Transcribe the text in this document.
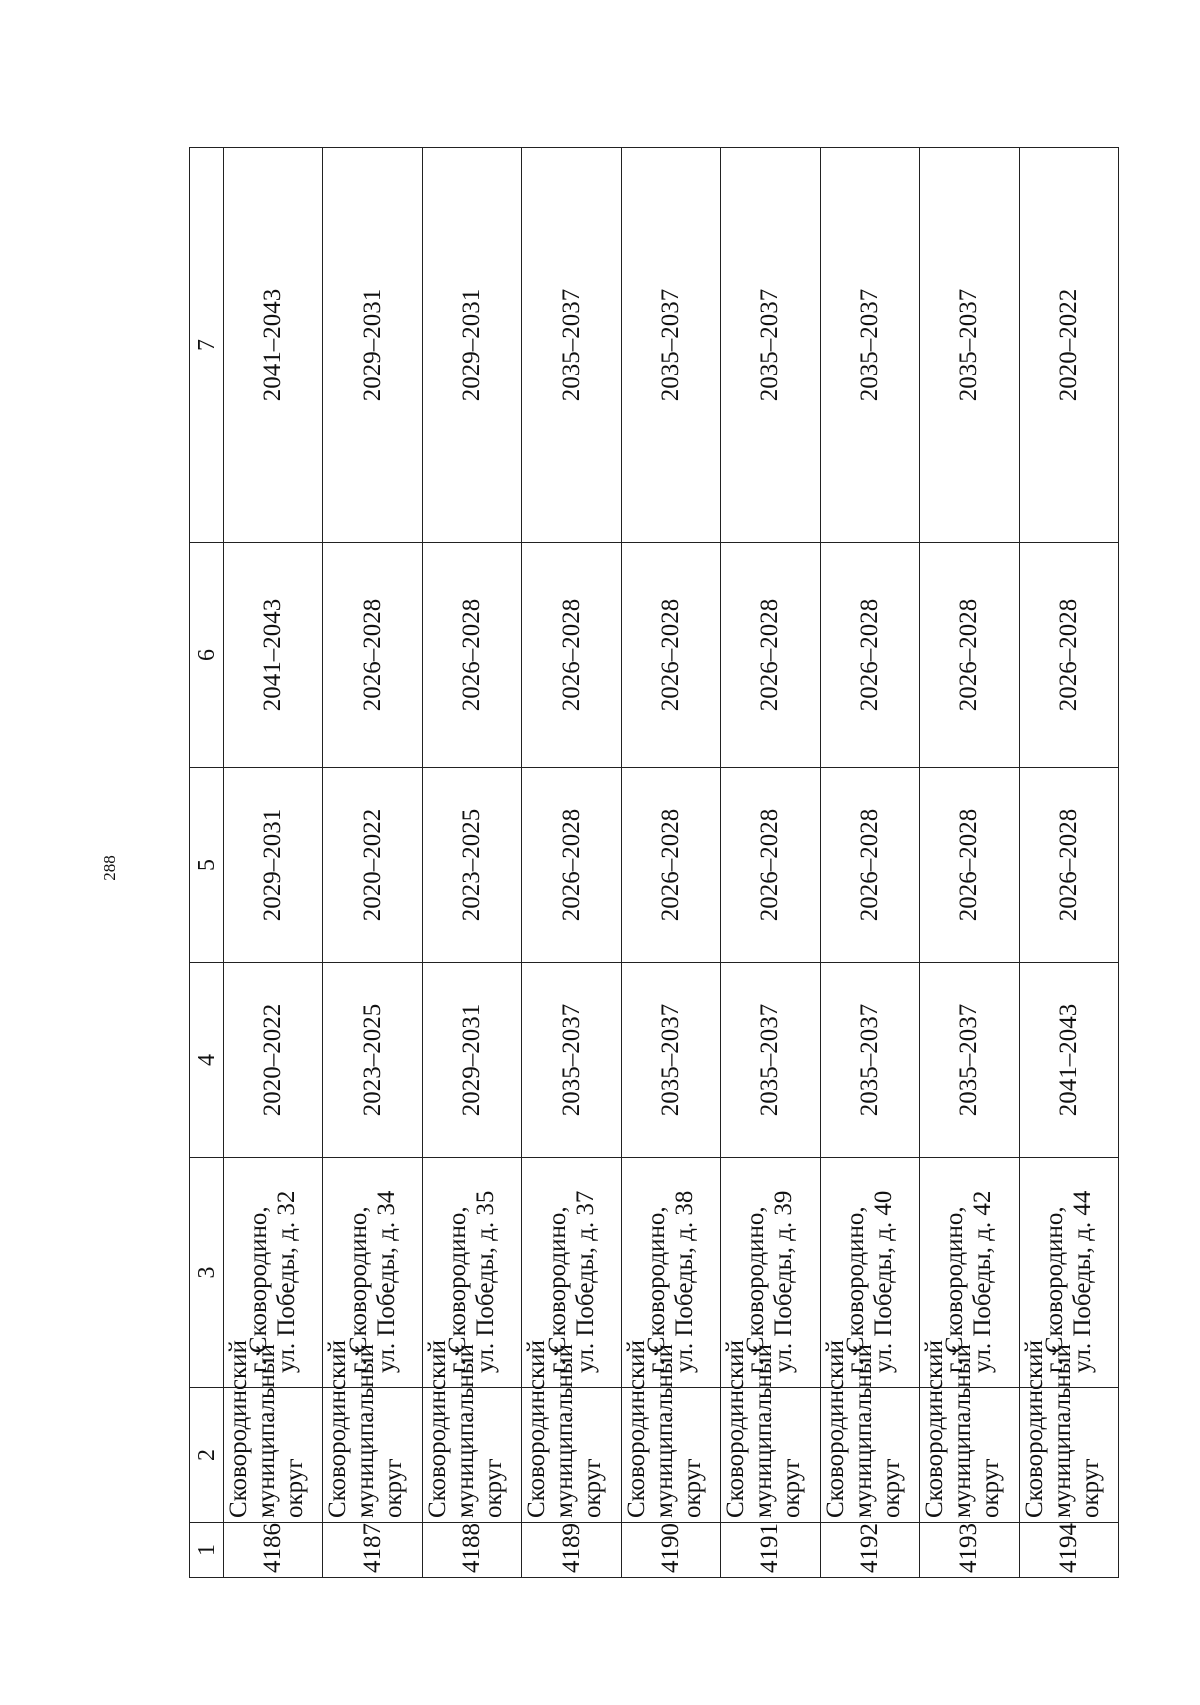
288
1	2	3	4	5	6	7
4186	Сковородинский муниципальный округ	г. Сковородино, ул. Победы, д. 32	2020–2022	2029–2031	2041–2043	2041–2043
4187	Сковородинский муниципальный округ	г. Сковородино, ул. Победы, д. 34	2023–2025	2020–2022	2026–2028	2029–2031
4188	Сковородинский муниципальный округ	г. Сковородино, ул. Победы, д. 35	2029–2031	2023–2025	2026–2028	2029–2031
4189	Сковородинский муниципальный округ	г. Сковородино, ул. Победы, д. 37	2035–2037	2026–2028	2026–2028	2035–2037
4190	Сковородинский муниципальный округ	г. Сковородино, ул. Победы, д. 38	2035–2037	2026–2028	2026–2028	2035–2037
4191	Сковородинский муниципальный округ	г. Сковородино, ул. Победы, д. 39	2035–2037	2026–2028	2026–2028	2035–2037
4192	Сковородинский муниципальный округ	г. Сковородино, ул. Победы, д. 40	2035–2037	2026–2028	2026–2028	2035–2037
4193	Сковородинский муниципальный округ	г. Сковородино, ул. Победы, д. 42	2035–2037	2026–2028	2026–2028	2035–2037
4194	Сковородинский муниципальный округ	г. Сковородино, ул. Победы, д. 44	2041–2043	2026–2028	2026–2028	2020–2022
